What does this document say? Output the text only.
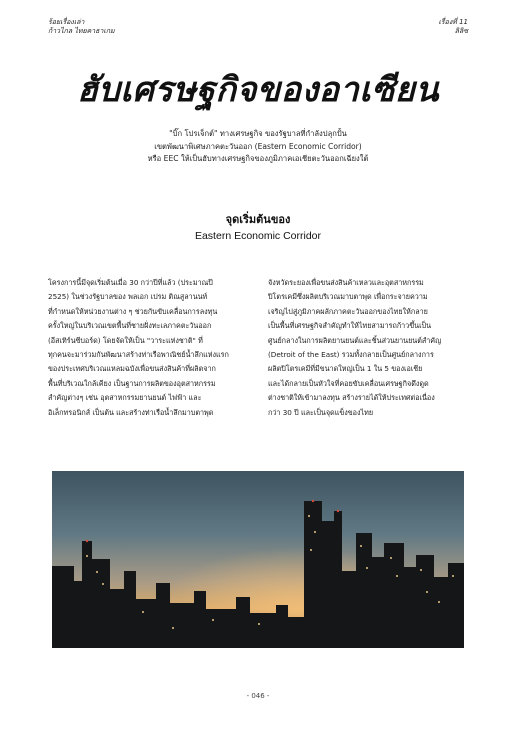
ร้อยเรื่องเล่า
ก้าวไกล ไทยคาธาเกม
เรื่องที่ 11
ลิลิซ
ฮับเศรษฐกิจของอาเซียน
"บิ๊ก โปรเจ็กต์" ทางเศรษฐกิจ ของรัฐบาลที่กำลังปลุกปั้น
เขตพัฒนาพิเศษภาคตะวันออก (Eastern Economic Corridor)
หรือ EEC ให้เป็นฮับทางเศรษฐกิจของภูมิภาคเอเชียตะวันออกเฉียงใต้
จุดเริ่มต้นของ
Eastern Economic Corridor
โครงการนี้มีจุดเริ่มต้นเมื่อ 30 กว่าปีที่แล้ว (ประมาณปี
2525) ในช่วงรัฐบาลของ พลเอก เปรม ติณสูลานนท์
ที่กำหนดให้หน่วยงานต่าง ๆ ช่วยกันขับเคลื่อนการลงทุน
ครั้งใหญ่ในบริเวณเขตพื้นที่ชายฝั่งทะเลภาคตะวันออก
(อีสเทิร์นซีบอร์ด) โดยจัดให้เป็น "วาระแห่งชาติ" ที่
ทุกคนจะมาร่วมกันพัฒนาสร้างท่าเรือพาณิชย์น้ำลึกแห่งแรก
ของประเทศบริเวณแหลมฉบังเพื่อขนส่งสินค้าที่ผลิตจาก
พื้นที่บริเวณใกล้เคียง เป็นฐานการผลิตของอุตสาหกรรม
สำคัญต่างๆ เช่น อุตสาหกรรมยานยนต์ ไฟฟ้า และ
อิเล็กทรอนิกส์ เป็นต้น และสร้างท่าเรือน้ำลึกมาบตาพุด
จังหวัดระยองเพื่อขนส่งสินค้าเหลวและอุตสาหกรรม
ปิโตรเคมีซึ่งผลิตบริเวณมาบตาพุด เพื่อกระจายความ
เจริญไปสู่ภูมิภาคผลักภาคตะวันออกของไทยให้กลาย
เป็นพื้นที่เศรษฐกิจสำคัญทำให้ไทยสามารถก้าวขึ้นเป็น
ศูนย์กลางในการผลิตยานยนต์และชิ้นส่วนยานยนต์สำคัญ
(Detroit of the East) รวมทั้งกลายเป็นศูนย์กลางการ
ผลิตปิโตรเคมีที่มีขนาดใหญ่เป็น 1 ใน 5 ของเอเชีย
และได้กลายเป็นหัวใจที่คอยขับเคลื่อนเศรษฐกิจดึงดูด
ต่างชาติให้เข้ามาลงทุน สร้างรายได้ให้ประเทศต่อเนื่อง
กว่า 30 ปี และเป็นจุดแข็งของไทย
- 046 -
